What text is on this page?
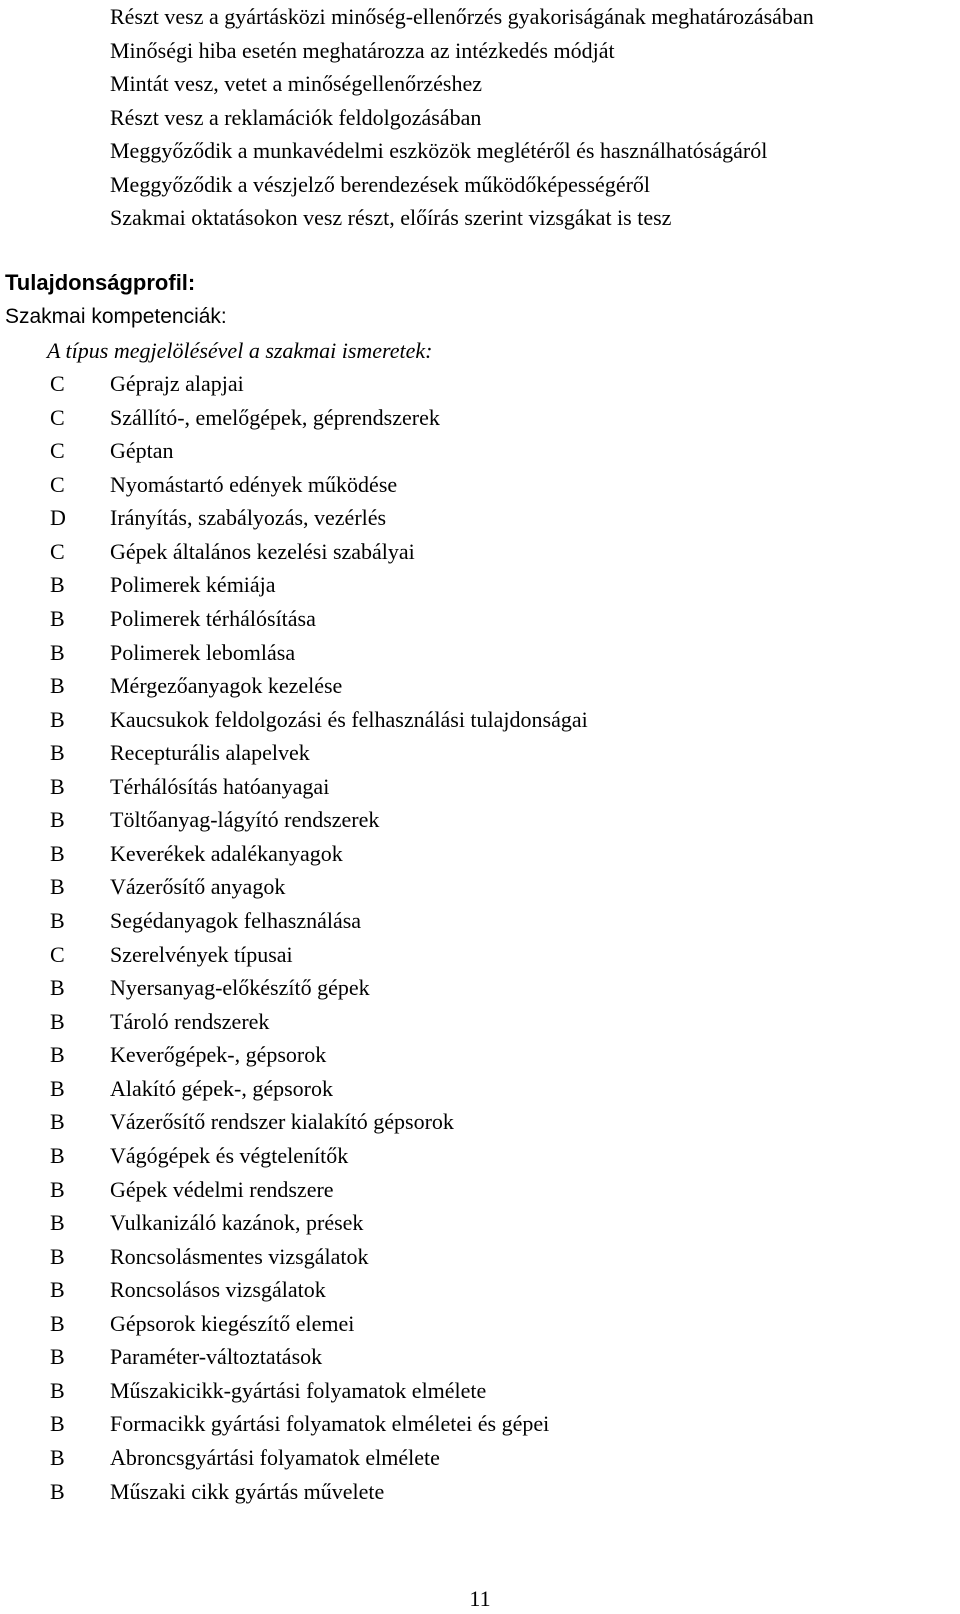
Részt vesz a gyártásközi minőség-ellenőrzés gyakoriságának meghatározásában
Minőségi hiba esetén meghatározza az intézkedés módját
Mintát vesz, vetet a minőségellenőrzéshez
Részt vesz a reklamációk feldolgozásában
Meggyőződik a munkavédelmi eszközök meglétéről és használhatóságáról
Meggyőződik a vészjelző berendezések működőképességéről
Szakmai oktatásokon vesz részt, előírás szerint vizsgákat is tesz
Tulajdonságprofil:
Szakmai kompetenciák:
A típus megjelölésével a szakmai ismeretek:
C	Géprajz alapjai
C	Szállító-, emelőgépek, géprendszerek
C	Géptan
C	Nyomástartó edények működése
D	Irányítás, szabályozás, vezérlés
C	Gépek általános kezelési szabályai
B	Polimerek kémiája
B	Polimerek térhálósítása
B	Polimerek lebomlása
B	Mérgezőanyagok kezelése
B	Kaucsukok feldolgozási és felhasználási tulajdonságai
B	Recepturális alapelvek
B	Térhálósítás hatóanyagai
B	Töltőanyag-lágyító rendszerek
B	Keverékek adalékanyagok
B	Vázerősítő anyagok
B	Segédanyagok felhasználása
C	Szerelvények típusai
B	Nyersanyag-előkészítő gépek
B	Tároló rendszerek
B	Keverőgépek-, gépsorok
B	Alakító gépek-, gépsorok
B	Vázerősítő rendszer kialakító gépsorok
B	Vágógépek és végtelenítők
B	Gépek védelmi rendszere
B	Vulkanizáló kazánok, prések
B	Roncsolásmentes vizsgálatok
B	Roncsolásos vizsgálatok
B	Gépsorok kiegészítő elemei
B	Paraméter-változtatások
B	Műszakicikk-gyártási folyamatok elmélete
B	Formacikk gyártási folyamatok elméletei és gépei
B	Abroncsgyártási folyamatok elmélete
B	Műszaki cikk gyártás művelete
11
